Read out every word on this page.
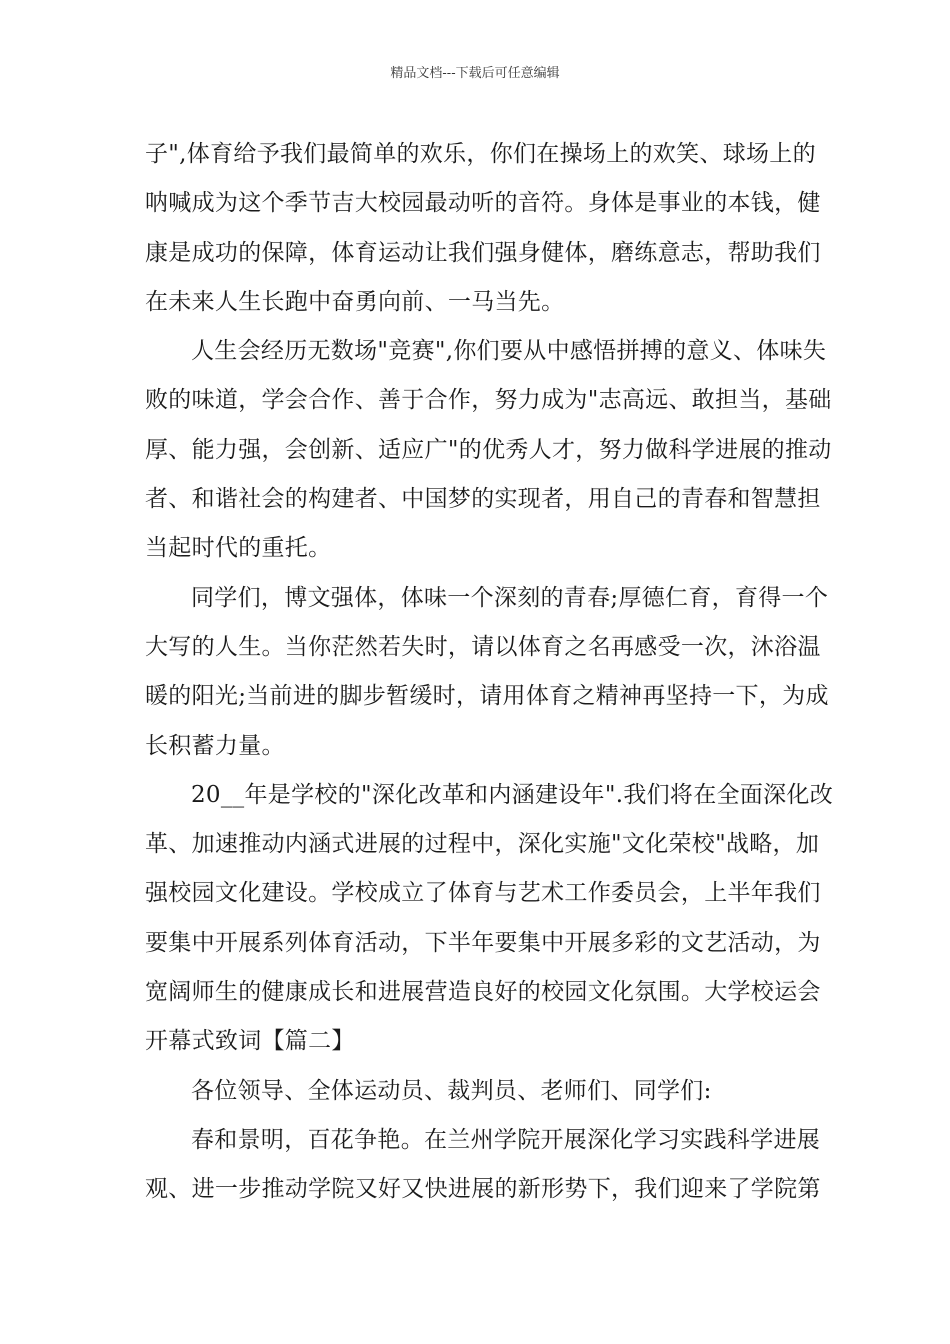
精品文档---下载后可任意编辑
子",体育给予我们最简单的欢乐，你们在操场上的欢笑、球场上的
呐喊成为这个季节吉大校园最动听的音符。身体是事业的本钱，健
康是成功的保障，体育运动让我们强身健体，磨练意志，帮助我们
在未来人生长跑中奋勇向前、一马当先。
人生会经历无数场"竞赛",你们要从中感悟拼搏的意义、体味失
败的味道，学会合作、善于合作，努力成为"志高远、敢担当，基础
厚、能力强，会创新、适应广"的优秀人才，努力做科学进展的推动
者、和谐社会的构建者、中国梦的实现者，用自己的青春和智慧担
当起时代的重托。
同学们，博文强体，体味一个深刻的青春;厚德仁育，育得一个
大写的人生。当你茫然若失时，请以体育之名再感受一次，沐浴温
暖的阳光;当前进的脚步暂缓时，请用体育之精神再坚持一下，为成
长积蓄力量。
20__年是学校的"深化改革和内涵建设年".我们将在全面深化改
革、加速推动内涵式进展的过程中，深化实施"文化荣校"战略，加
强校园文化建设。学校成立了体育与艺术工作委员会，上半年我们
要集中开展系列体育活动，下半年要集中开展多彩的文艺活动，为
宽阔师生的健康成长和进展营造良好的校园文化氛围。大学校运会
开幕式致词【篇二】
各位领导、全体运动员、裁判员、老师们、同学们:
春和景明，百花争艳。在兰州学院开展深化学习实践科学进展
观、进一步推动学院又好又快进展的新形势下，我们迎来了学院第
